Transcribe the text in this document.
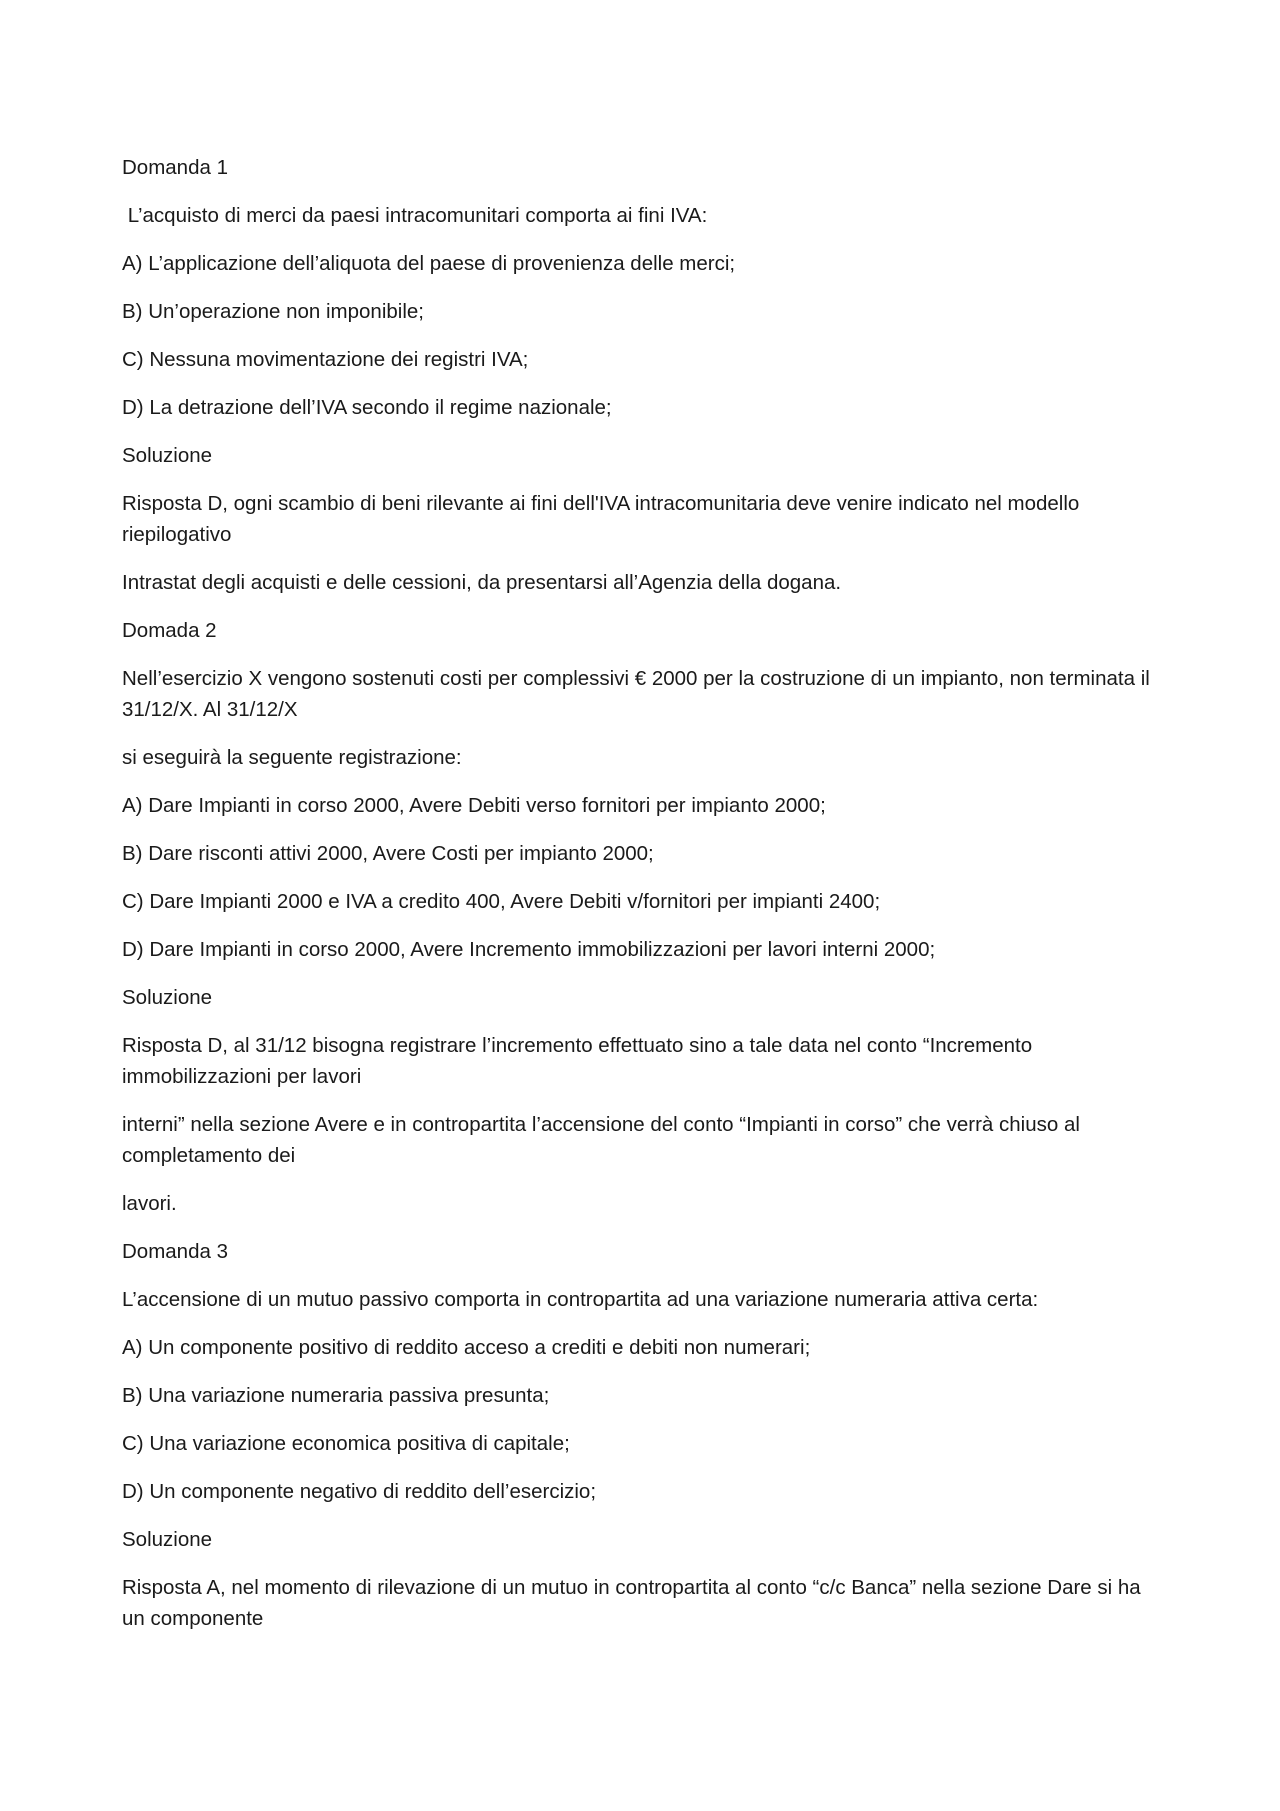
Domanda 1

L’acquisto di merci da paesi intracomunitari comporta ai fini IVA:

A) L’applicazione dell’aliquota del paese di provenienza delle merci;

B) Un’operazione non imponibile;

C) Nessuna movimentazione dei registri IVA;

D) La detrazione dell’IVA secondo il regime nazionale;

Soluzione

Risposta D, ogni scambio di beni rilevante ai fini dell'IVA intracomunitaria deve venire indicato nel modello riepilogativo

Intrastat degli acquisti e delle cessioni, da presentarsi all’Agenzia della dogana.

Domada 2

Nell’esercizio X vengono sostenuti costi per complessivi € 2000 per la costruzione di un impianto, non terminata il 31/12/X. Al 31/12/X

si eseguirà la seguente registrazione:

A) Dare Impianti in corso 2000, Avere Debiti verso fornitori per impianto 2000;

B) Dare risconti attivi 2000, Avere Costi per impianto 2000;

C) Dare Impianti 2000 e IVA a credito 400, Avere Debiti v/fornitori per impianti 2400;

D) Dare Impianti in corso 2000, Avere Incremento immobilizzazioni per lavori interni 2000;

Soluzione

Risposta D, al 31/12 bisogna registrare l’incremento effettuato sino a tale data nel conto “Incremento immobilizzazioni per lavori

interni” nella sezione Avere e in contropartita l’accensione del conto “Impianti in corso” che verrà chiuso al completamento dei

lavori.

Domanda 3

L’accensione di un mutuo passivo comporta in contropartita ad una variazione numeraria attiva certa:

A) Un componente positivo di reddito acceso a crediti e debiti non numerari;

B) Una variazione numeraria passiva presunta;

C) Una variazione economica positiva di capitale;

D) Un componente negativo di reddito dell’esercizio;

Soluzione

Risposta A, nel momento di rilevazione di un mutuo in contropartita al conto “c/c Banca” nella sezione Dare si ha un componente
